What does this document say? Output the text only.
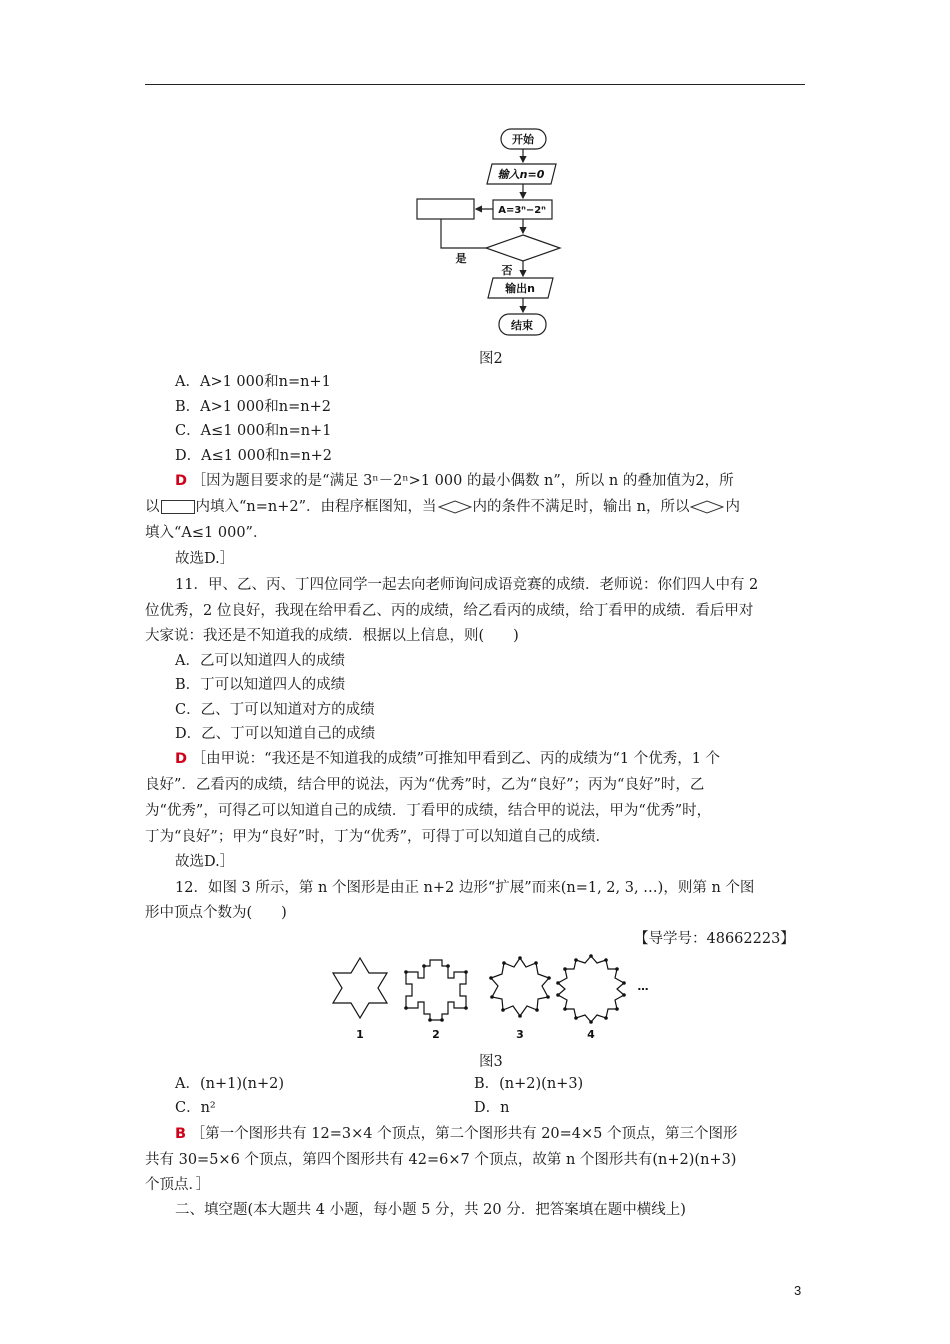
开始
输入n=0
A=3ⁿ−2ⁿ
是
否
输出n
结束
图2
A．A>1 000和n=n+1
B．A>1 000和n=n+2
C．A≤1 000和n=n+1
D．A≤1 000和n=n+2
D ［因为题目要求的是“满足 3ⁿ－2ⁿ>1 000 的最小偶数 n”，所以 n 的叠加值为2，所
以 内填入“n=n+2”．由程序框图知，当 内的条件不满足时，输出 n，所以 内
填入“A≤1 000”．
故选D.］
11．甲、乙、丙、丁四位同学一起去向老师询问成语竞赛的成绩．老师说：你们四人中有 2
位优秀，2 位良好，我现在给甲看乙、丙的成绩，给乙看丙的成绩，给丁看甲的成绩．看后甲对
大家说：我还是不知道我的成绩．根据以上信息，则(　　)
A．乙可以知道四人的成绩
B．丁可以知道四人的成绩
C．乙、丁可以知道对方的成绩
D．乙、丁可以知道自己的成绩
D ［由甲说：“我还是不知道我的成绩”可推知甲看到乙、丙的成绩为“1 个优秀，1 个
良好”．乙看丙的成绩，结合甲的说法，丙为“优秀”时，乙为“良好”；丙为“良好”时，乙
为“优秀”，可得乙可以知道自己的成绩．丁看甲的成绩，结合甲的说法，甲为“优秀”时，
丁为“良好”；甲为“良好”时，丁为“优秀”，可得丁可以知道自己的成绩．
故选D.］
12．如图 3 所示，第 n 个图形是由正 n+2 边形“扩展”而来(n=1, 2, 3, …)，则第 n 个图
形中顶点个数为(　　)
【导学号：48662223】
1	2	3	4
…
图3
A．(n+1)(n+2)	B．(n+2)(n+3)
C．n²	D．n
B ［第一个图形共有 12=3×4 个顶点，第二个图形共有 20=4×5 个顶点，第三个图形
共有 30=5×6 个顶点，第四个图形共有 42=6×7 个顶点，故第 n 个图形共有(n+2)(n+3)
个顶点．］
二、填空题(本大题共 4 小题，每小题 5 分，共 20 分．把答案填在题中横线上)
3
